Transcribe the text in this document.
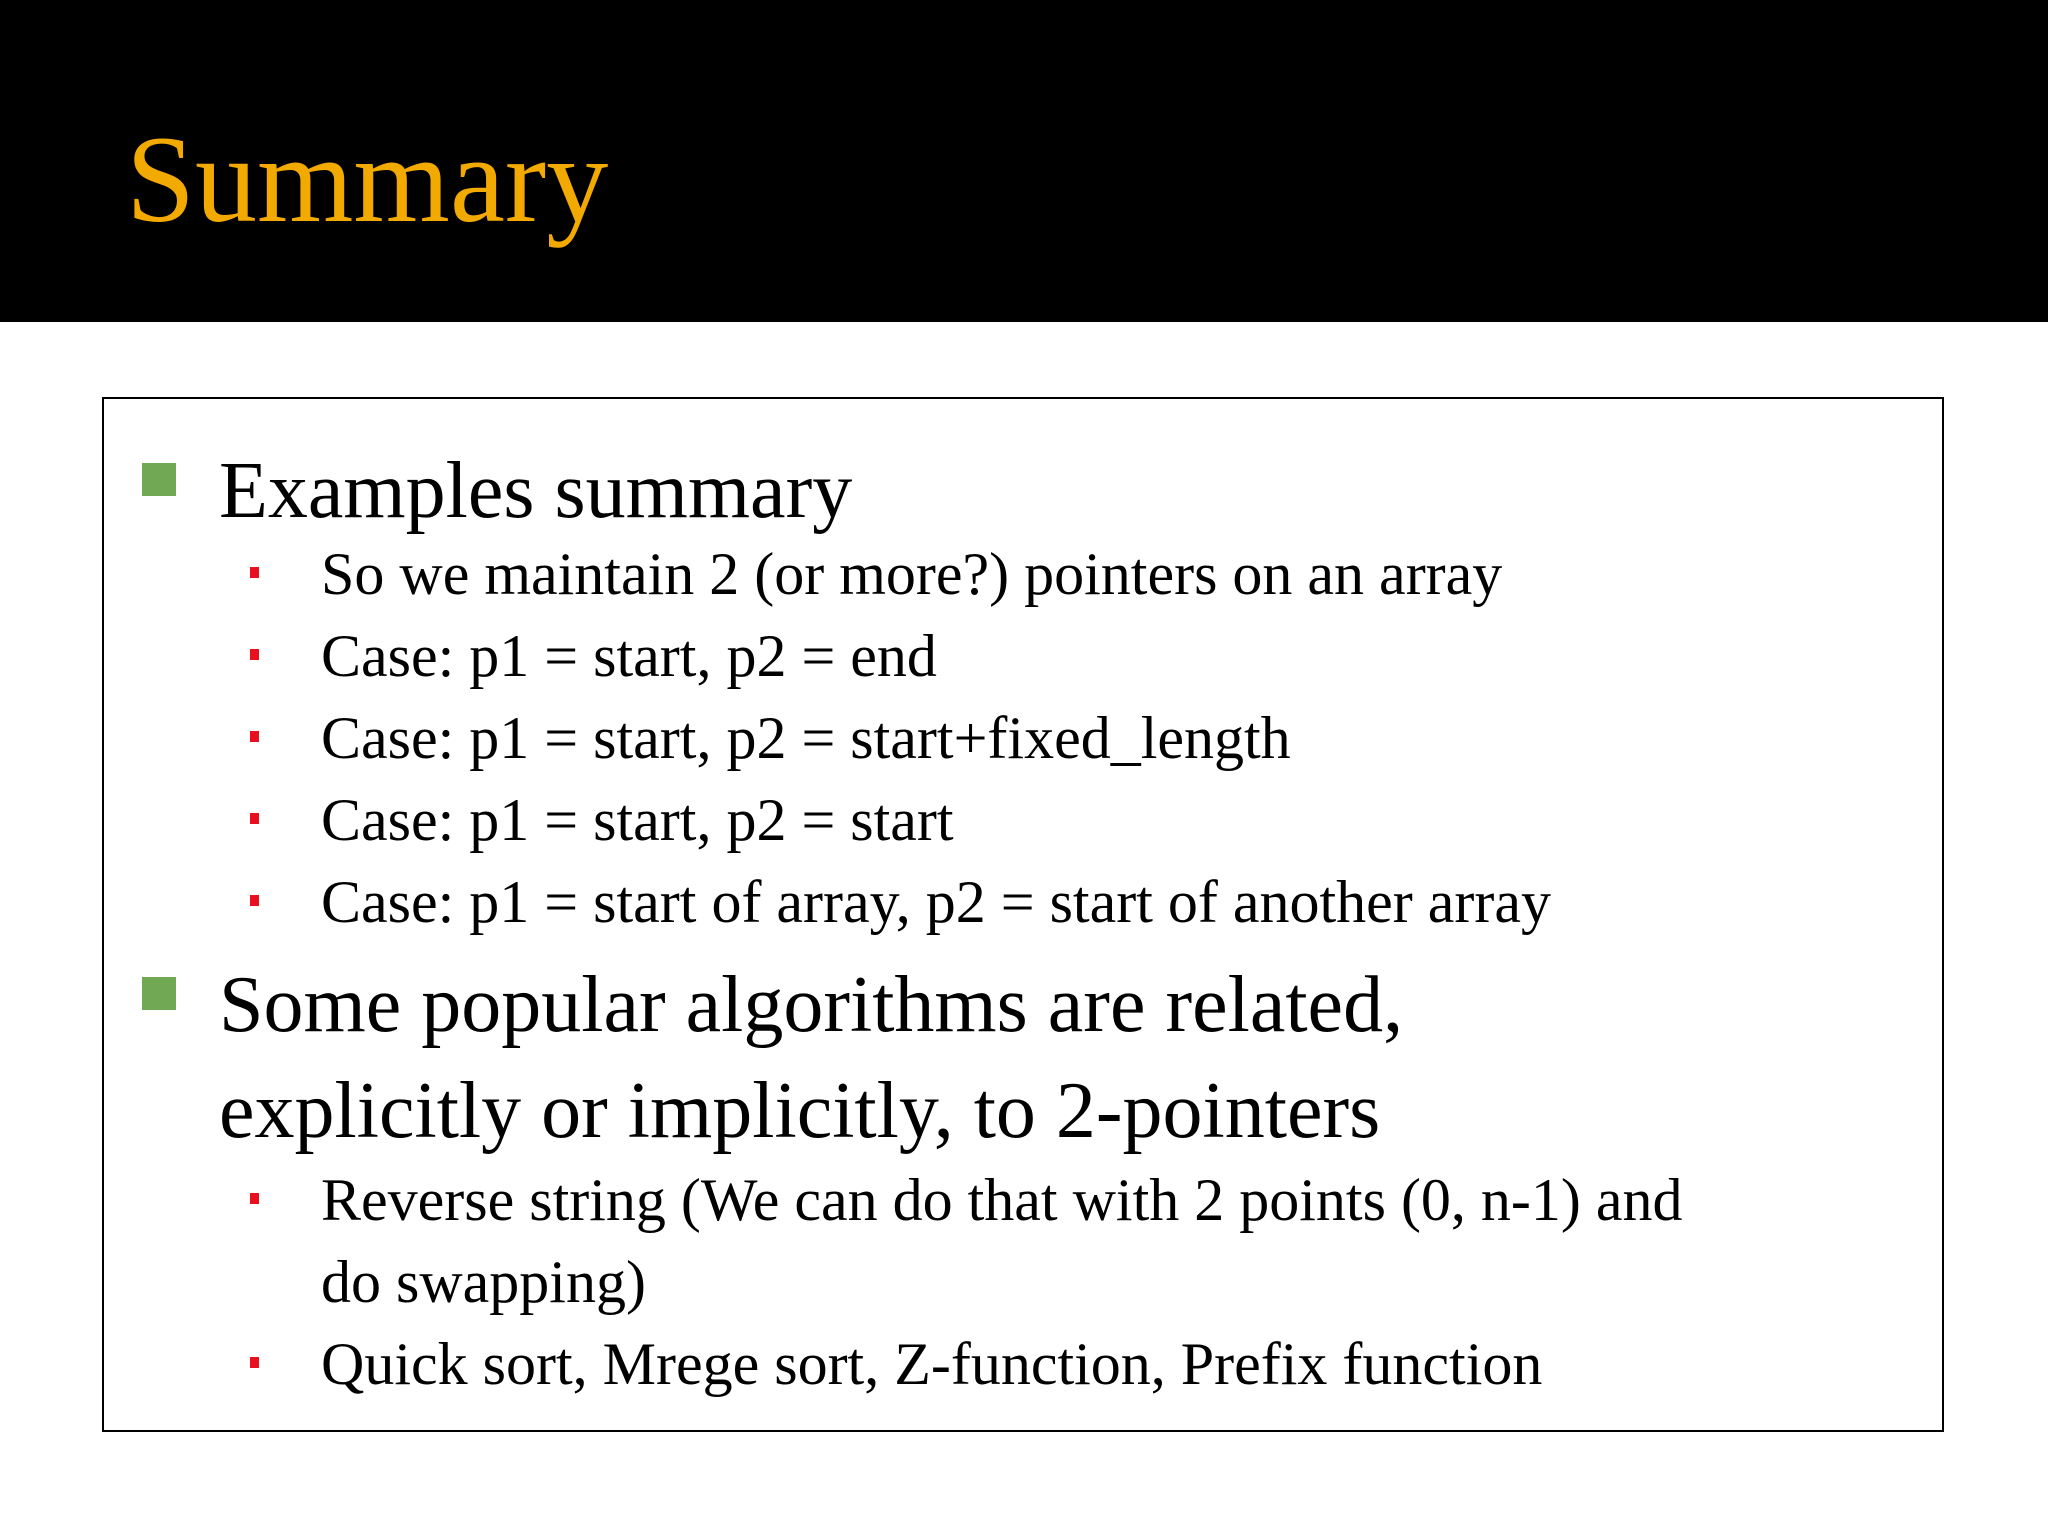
Summary
Examples summary
So we maintain 2 (or more?) pointers on an array
Case: p1 = start, p2 = end
Case: p1 = start, p2 = start+fixed_length
Case: p1 = start, p2 = start
Case: p1 = start of array, p2 = start of another array
Some popular algorithms are related,
explicitly or implicitly, to 2-pointers
Reverse string (We can do that with 2 points (0, n-1) and
do swapping)
Quick sort, Mrege sort, Z-function, Prefix function
